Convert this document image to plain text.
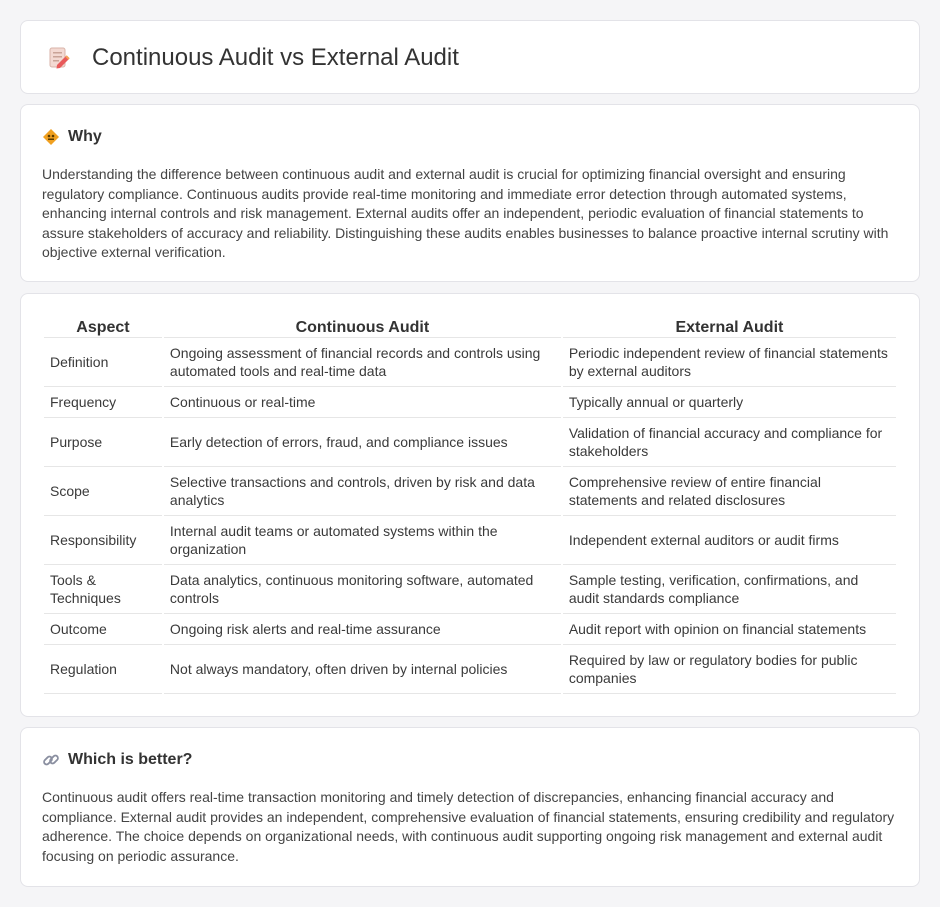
Continuous Audit vs External Audit
Why

Understanding the difference between continuous audit and external audit is crucial for optimizing financial oversight and ensuring regulatory compliance. Continuous audits provide real-time monitoring and immediate error detection through automated systems, enhancing internal controls and risk management. External audits offer an independent, periodic evaluation of financial statements to assure stakeholders of accuracy and reliability. Distinguishing these audits enables businesses to balance proactive internal scrutiny with objective external verification.

Aspect	Continuous Audit	External Audit
Definition	Ongoing assessment of financial records and controls using automated tools and real-time data	Periodic independent review of financial statements by external auditors
Frequency	Continuous or real-time	Typically annual or quarterly
Purpose	Early detection of errors, fraud, and compliance issues	Validation of financial accuracy and compliance for stakeholders
Scope	Selective transactions and controls, driven by risk and data analytics	Comprehensive review of entire financial statements and related disclosures
Responsibility	Internal audit teams or automated systems within the organization	Independent external auditors or audit firms
Tools & Techniques	Data analytics, continuous monitoring software, automated controls	Sample testing, verification, confirmations, and audit standards compliance
Outcome	Ongoing risk alerts and real-time assurance	Audit report with opinion on financial statements
Regulation	Not always mandatory, often driven by internal policies	Required by law or regulatory bodies for public companies
Which is better?

Continuous audit offers real-time transaction monitoring and timely detection of discrepancies, enhancing financial accuracy and compliance. External audit provides an independent, comprehensive evaluation of financial statements, ensuring credibility and regulatory adherence. The choice depends on organizational needs, with continuous audit supporting ongoing risk management and external audit focusing on periodic assurance.
